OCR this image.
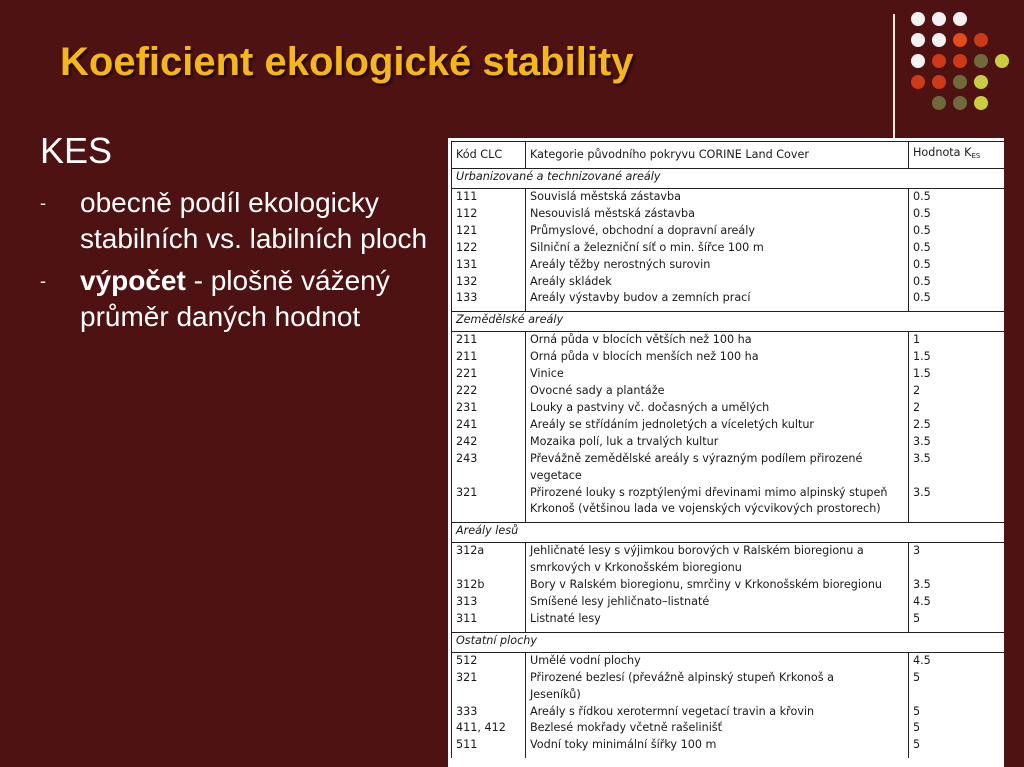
Koeficient ekologické stability
KES
-	obecně podíl ekologicky stabilních vs. labilních ploch
-	výpočet - plošně vážený průměr daných hodnot
Kód CLC	Kategorie původního pokryvu CORINE Land Cover	Hodnota $K_{ES}$
Urbanizované a technizované areály		
111	Souvislá městská zástavba	0.5
112	Nesouvislá městská zástavba	0.5
121	Průmyslové, obchodní a dopravní areály	0.5
122	Silniční a železniční síť o min. šířce 100 m	0.5
131	Areály těžby nerostných surovin	0.5
132	Areály skládek	0.5
133	Areály výstavby budov a zemních prací	0.5

Zemědělské areály		
211	Orná půda v blocích větších než 100 ha	1
211	Orná půda v blocích menších než 100 ha	1.5
221	Vinice	1.5
222	Ovocné sady a plantáže	2
231	Louky a pastviny vč. dočasných a umělých	2
241	Areály se střídáním jednoletých a víceletých kultur	2.5
242	Mozaika polí, luk a trvalých kultur	3.5
243	Převážně zemědělské areály s výrazným podílem přirozené	3.5
	vegetace	
321	Přirozené louky s rozptýlenými dřevinami mimo alpinský stupeň	3.5
	Krkonoš (většinou lada ve vojenských výcvikových prostorech)	

Areály lesů		
312a	Jehličnaté lesy s výjimkou borových v Ralském bioregionu a	3
	smrkových v Krkonošském bioregionu	
312b	Bory v Ralském bioregionu, smrčiny v Krkonošském bioregionu	3.5
313	Smíšené lesy jehličnato–listnaté	4.5
311	Listnaté lesy	5

Ostatní plochy		
512	Umělé vodní plochy	4.5
321	Přirozené bezlesí (převážně alpinský stupeň Krkonoš a	5
	Jeseníků)	
333	Areály s řídkou xerotermní vegetací travin a křovin	5
411, 412	Bezlesé mokřady včetně rašelinišť	5
511	Vodní toky minimální šířky 100 m	5
